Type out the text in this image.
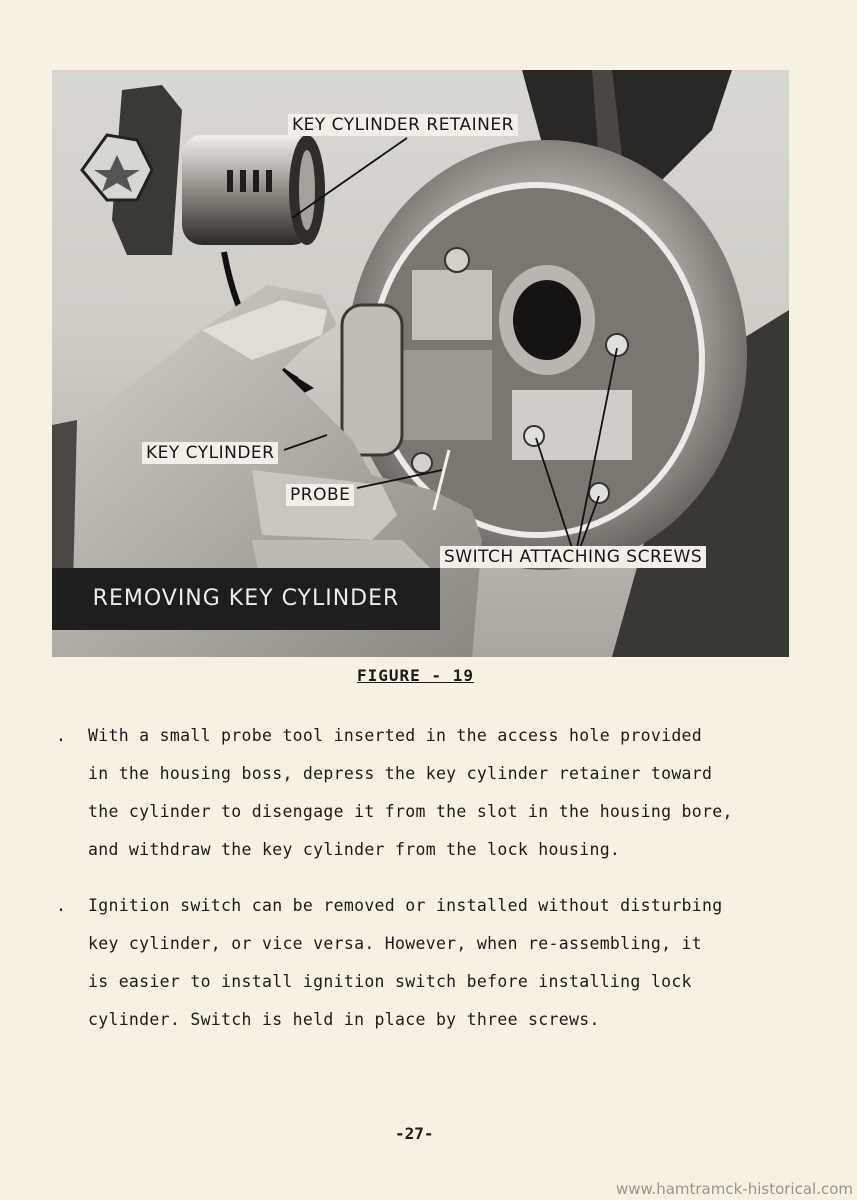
KEY CYLINDER RETAINER
KEY CYLINDER
PROBE
SWITCH ATTACHING SCREWS
REMOVING KEY CYLINDER
FIGURE - 19
.	With a small probe tool inserted in the access hole provided
in the housing boss, depress the key cylinder retainer toward
the cylinder to disengage it from the slot in the housing bore,
and withdraw the key cylinder from the lock housing.
.	Ignition switch can be removed or installed without disturbing
key cylinder, or vice versa. However, when re-assembling, it
is easier to install ignition switch before installing lock
cylinder. Switch is held in place by three screws.
-27-
www.hamtramck-historical.com
